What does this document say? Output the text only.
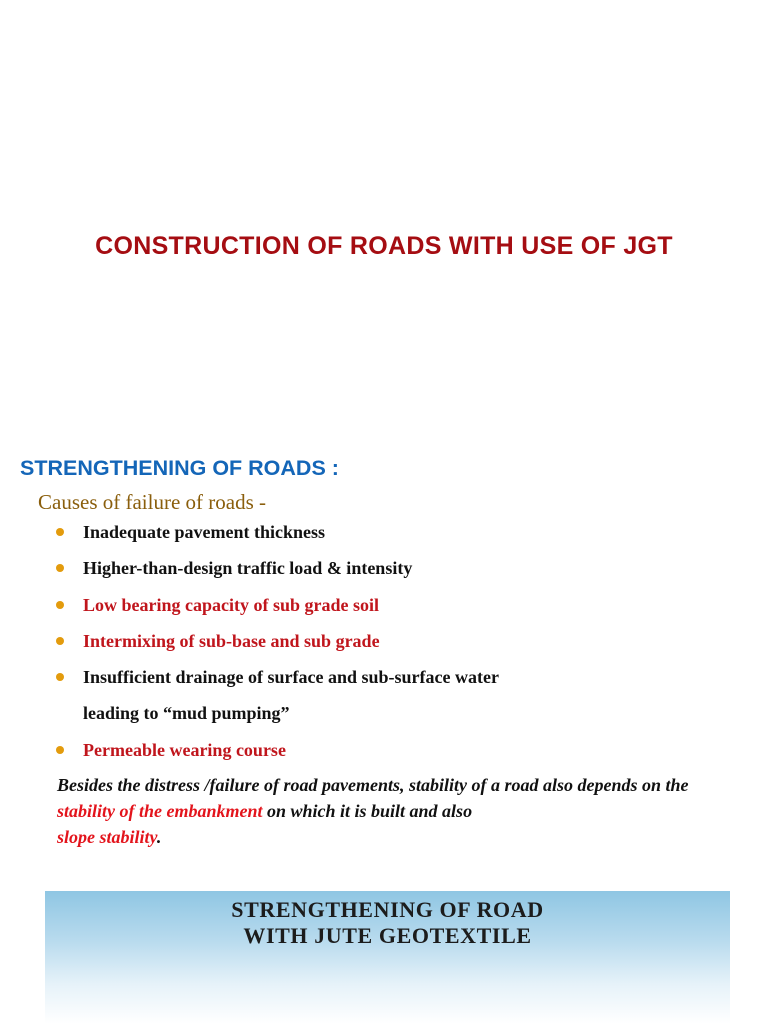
CONSTRUCTION OF ROADS WITH USE OF JGT
STRENGTHENING OF ROADS :
Causes of failure of roads -
Inadequate pavement thickness
Higher-than-design traffic load & intensity
Low bearing capacity of sub grade soil
Intermixing of sub-base and sub grade
Insufficient drainage of surface and sub-surface water
leading to “mud pumping”
Permeable wearing course

Besides the distress /failure of road pavements, stability of a road also depends on the stability of the embankment on which it is built and also
slope stability.

STRENGTHENING OF ROAD
WITH JUTE GEOTEXTILE
